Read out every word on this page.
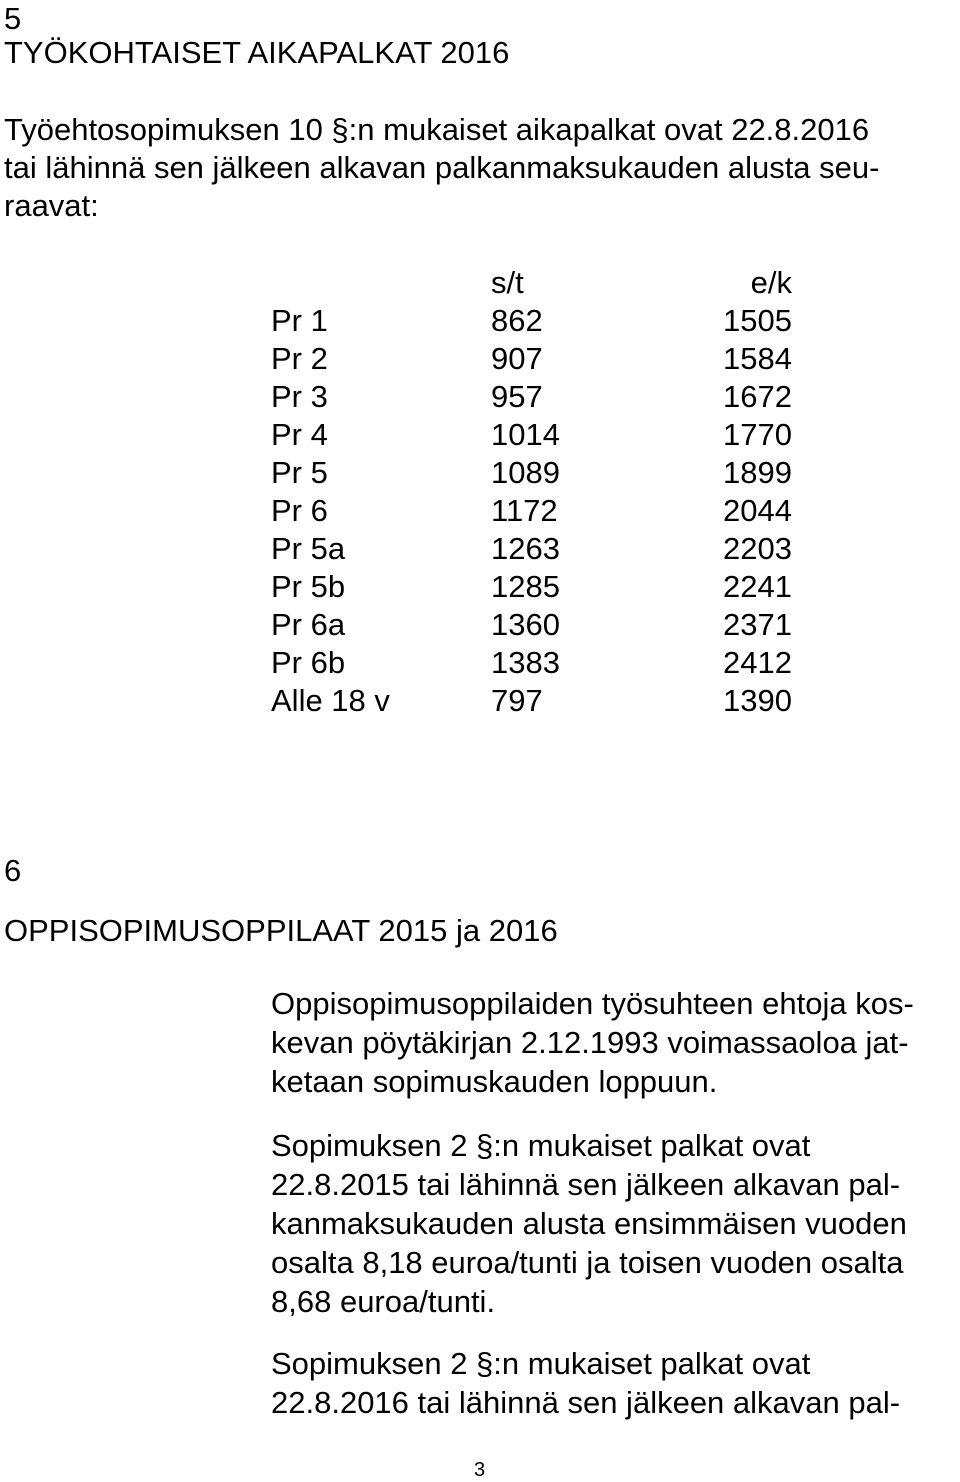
5
TYÖKOHTAISET AIKAPALKAT 2016
Työehtosopimuksen 10 §:n mukaiset aikapalkat ovat 22.8.2016
tai lähinnä sen jälkeen alkavan palkanmaksukauden alusta seu-
raavat:
	s/t	e/k
Pr 1	862	1505
Pr 2	907	1584
Pr 3	957	1672
Pr 4	1014	1770
Pr 5	1089	1899
Pr 6	1172	2044
Pr 5a	1263	2203
Pr 5b	1285	2241
Pr 6a	1360	2371
Pr 6b	1383	2412
Alle 18 v	797	1390
6
OPPISOPIMUSOPPILAAT 2015 ja 2016
Oppisopimusoppilaiden työsuhteen ehtoja kos-
kevan pöytäkirjan 2.12.1993 voimassaoloa jat-
ketaan sopimuskauden loppuun.
Sopimuksen 2 §:n mukaiset palkat ovat
22.8.2015 tai lähinnä sen jälkeen alkavan pal-
kanmaksukauden alusta ensimmäisen vuoden
osalta 8,18 euroa/tunti ja toisen vuoden osalta
8,68 euroa/tunti.
Sopimuksen 2 §:n mukaiset palkat ovat
22.8.2016 tai lähinnä sen jälkeen alkavan pal-
3
